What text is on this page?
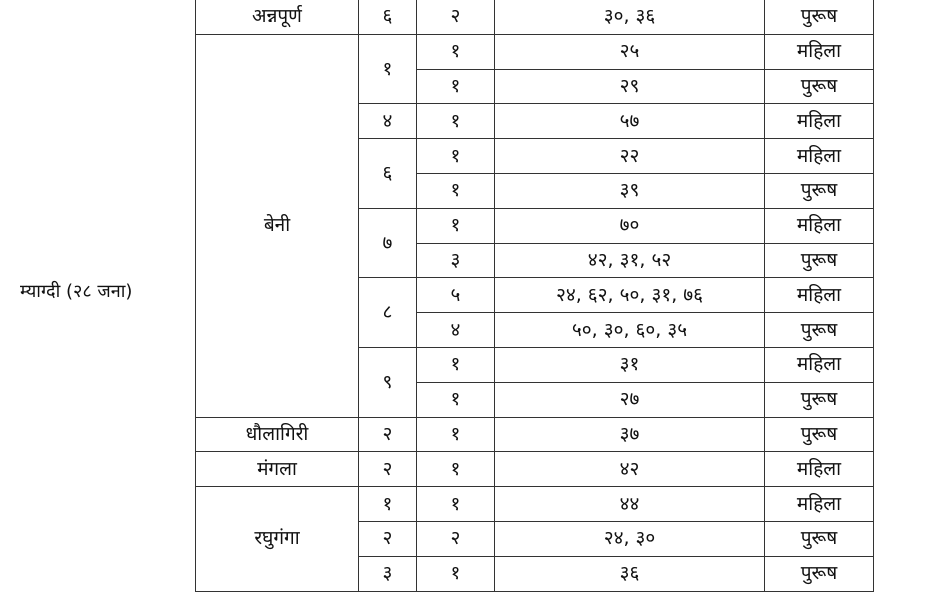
म्याग्दी (२८ जना)
अन्नपूर्ण	६	२	३०, ३६	पुरूष
बेनी	१	१	२५	महिला
		१	२९	पुरूष
	४	१	५७	महिला
	६	१	२२	महिला
		१	३९	पुरूष
	७	१	७०	महिला
		३	४२, ३१, ५२	पुरूष
	८	५	२४, ६२, ५०, ३१, ७६	महिला
		४	५०, ३०, ६०, ३५	पुरूष
	९	१	३१	महिला
		१	२७	पुरूष
धौलागिरी	२	१	३७	पुरूष
मंगला	२	१	४२	महिला
रघुगंगा	१	१	४४	महिला
	२	२	२४, ३०	पुरूष
	३	१	३६	पुरूष
